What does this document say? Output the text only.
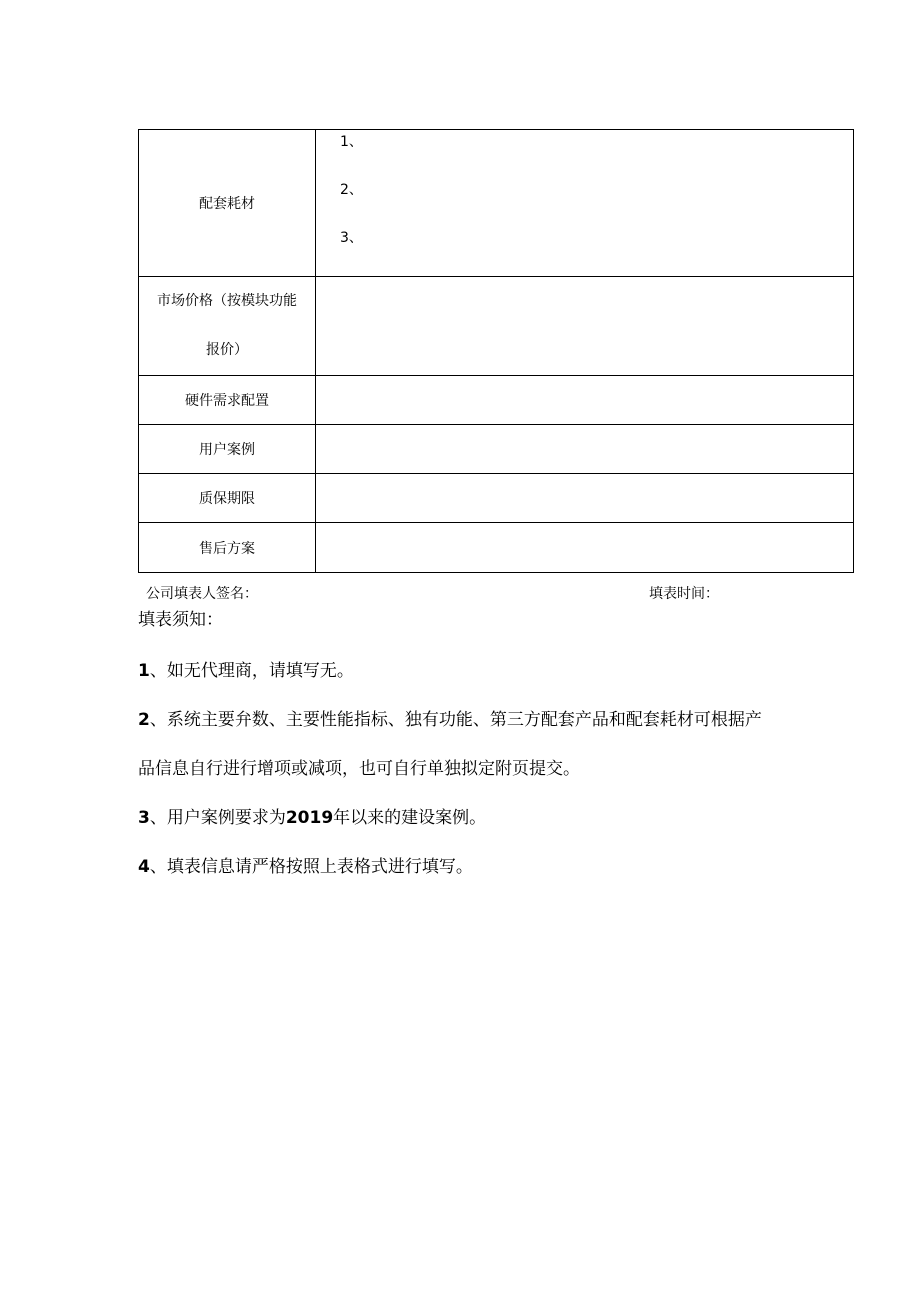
配套耗材	1、
2、
3、

市场价格（按模块功能
报价）	

硬件需求配置	
用户案例	
质保期限	
售后方案	
公司填表人签名：	填表时间：
填表须知：
1、如无代理商，请填写无。
2、系统主要弁数、主要性能指标、独有功能、第三方配套产品和配套耗材可根据产
品信息自行进行增项或减项，也可自行单独拟定附页提交。
3、用户案例要求为2019年以来的建设案例。
4、填表信息请严格按照上表格式进行填写。
